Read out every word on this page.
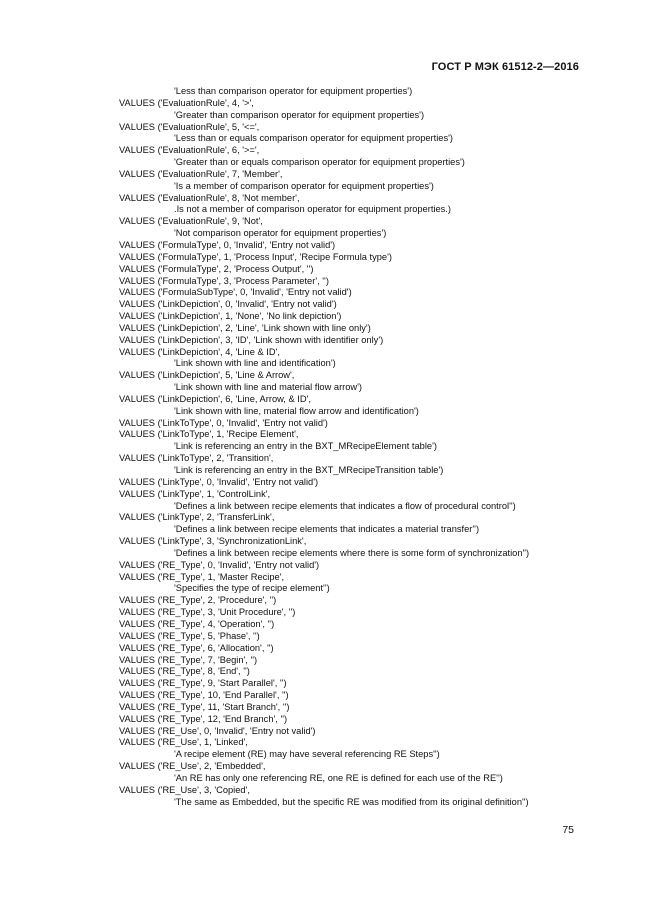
ГОСТ Р МЭК 61512-2—2016
'Less than comparison operator for equipment properties')
VALUES ('EvaluationRule', 4, '>',
'Greater than comparison operator for equipment properties')
VALUES ('EvaluationRule', 5, '<=',
'Less than or equals comparison operator for equipment properties')
VALUES ('EvaluationRule', 6, '>=',
'Greater than or equals comparison operator for equipment properties')
VALUES ('EvaluationRule', 7, 'Member',
'Is a member of comparison operator for equipment properties')
VALUES ('EvaluationRule', 8, 'Not member',
.Is not a member of comparison operator for equipment properties.)
VALUES ('EvaluationRule', 9, 'Not',
'Not comparison operator for equipment properties')
VALUES ('FormulaType', 0, 'Invalid', 'Entry not valid')
VALUES ('FormulaType', 1, 'Process Input', 'Recipe Formula type')
VALUES ('FormulaType', 2, 'Process Output', '')
VALUES ('FormulaType', 3, 'Process Parameter', '')
VALUES ('FormulaSubType', 0, 'Invalid', 'Entry not valid')
VALUES ('LinkDepiction', 0, 'Invalid', 'Entry not valid')
VALUES ('LinkDepiction', 1, 'None', 'No link depiction')
VALUES ('LinkDepiction', 2, 'Line', 'Link shown with line only')
VALUES ('LinkDepiction', 3, 'ID', 'Link shown with identifier only')
VALUES ('LinkDepiction', 4, 'Line & ID',
'Link shown with line and identification')
VALUES ('LinkDepiction', 5, 'Line & Arrow',
'Link shown with line and material flow arrow')
VALUES ('LinkDepiction', 6, 'Line, Arrow, & ID',
'Link shown with line, material flow arrow and identification')
VALUES ('LinkToType', 0, 'Invalid', 'Entry not valid')
VALUES ('LinkToType', 1, 'Recipe Element',
'Link is referencing an entry in the BXT_MRecipeElement table')
VALUES ('LinkToType', 2, 'Transition',
'Link is referencing an entry in the BXT_MRecipeTransition table')
VALUES ('LinkType', 0, 'Invalid', 'Entry not valid')
VALUES ('LinkType', 1, 'ControlLink',
'Defines a link between recipe elements that indicates a flow of procedural control'')
VALUES ('LinkType', 2, 'TransferLink',
'Defines a link between recipe elements that indicates a material transfer'')
VALUES ('LinkType', 3, 'SynchronizationLink',
'Defines a link between recipe elements where there is some form of synchronization'')
VALUES ('RE_Type', 0, 'Invalid', 'Entry not valid')
VALUES ('RE_Type', 1, 'Master Recipe',
'Specifies the type of recipe element'')
VALUES ('RE_Type', 2, 'Procedure', '')
VALUES ('RE_Type', 3, 'Unit Procedure', '')
VALUES ('RE_Type', 4, 'Operation', '')
VALUES ('RE_Type', 5, 'Phase', '')
VALUES ('RE_Type', 6, 'Allocation', '')
VALUES ('RE_Type', 7, 'Begin', '')
VALUES ('RE_Type', 8, 'End', '')
VALUES ('RE_Type', 9, 'Start Parallel', '')
VALUES ('RE_Type', 10, 'End Parallel', '')
VALUES ('RE_Type', 11, 'Start Branch', '')
VALUES ('RE_Type', 12, 'End Branch', '')
VALUES ('RE_Use', 0, 'Invalid', 'Entry not valid')
VALUES ('RE_Use', 1, 'Linked',
'A recipe element (RE) may have several referencing RE Steps'')
VALUES ('RE_Use', 2, 'Embedded',
'An RE has only one referencing RE, one RE is defined for each use of the RE'')
VALUES ('RE_Use', 3, 'Copied',
'The same as Embedded, but the specific RE was modified from its original definition'')
75
